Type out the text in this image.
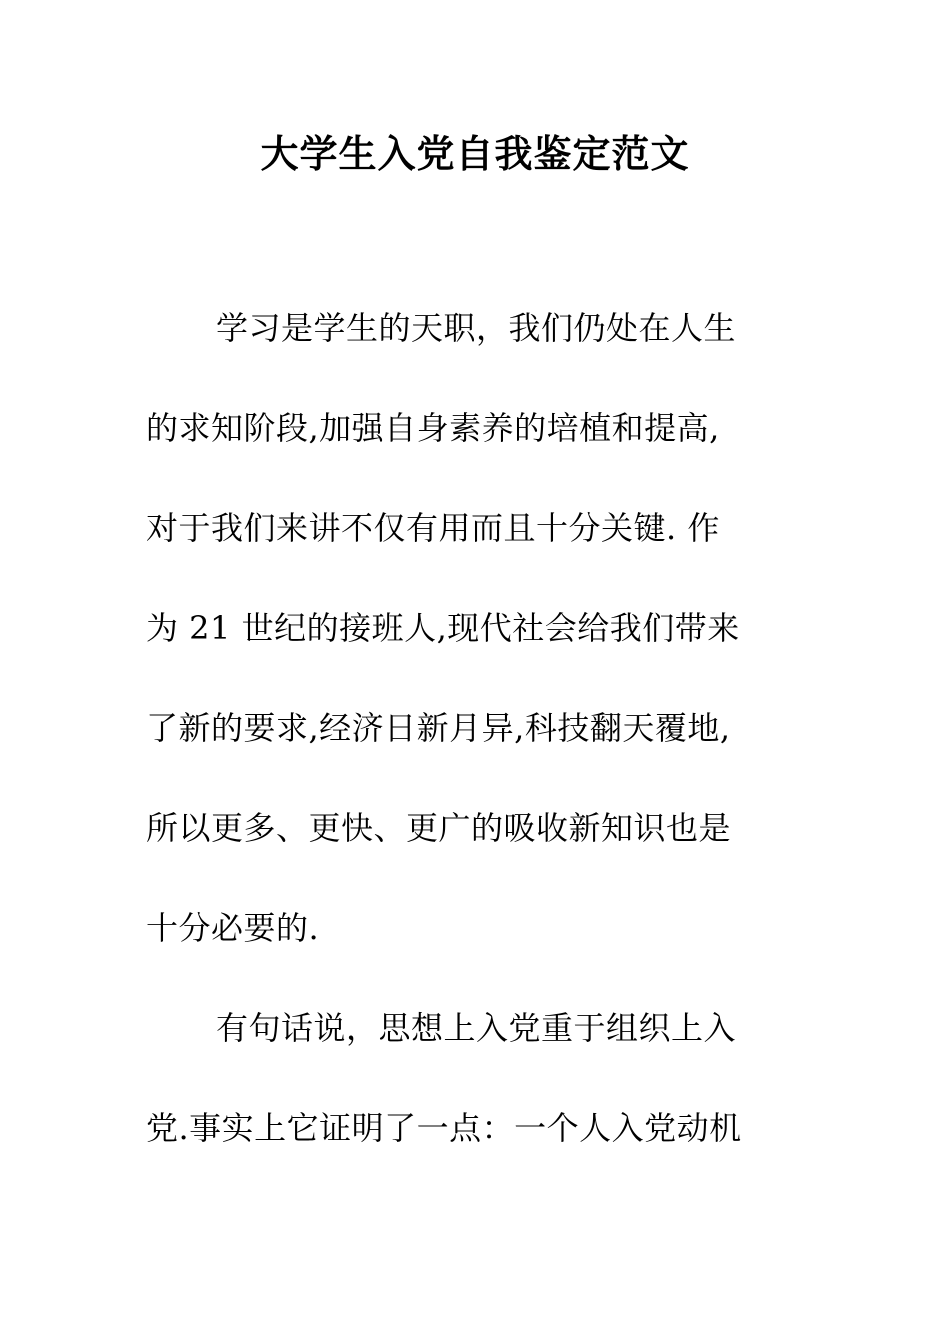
大学生入党自我鉴定范文
学习是学生的天职，我们仍处在人生
的求知阶段,加强自身素养的培植和提高,
对于我们来讲不仅有用而且十分关键. 作
为 21 世纪的接班人,现代社会给我们带来
了新的要求,经济日新月异,科技翻天覆地,
所以更多、更快、更广的吸收新知识也是
十分必要的.
有句话说，思想上入党重于组织上入
党.事实上它证明了一点：一个人入党动机
